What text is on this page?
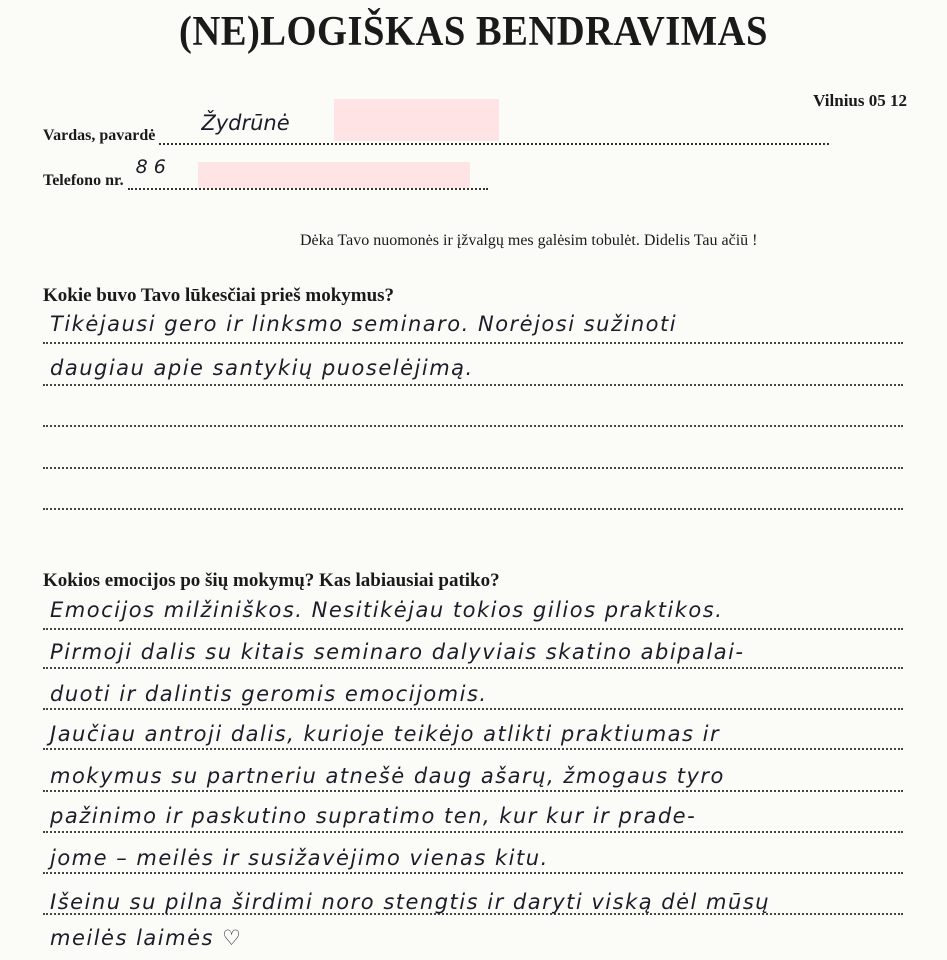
(NE)LOGIŠKAS BENDRAVIMAS
Vilnius 05 12
Vardas, pavardė
Žydrūnė
Telefono nr.
8 6
Dėka Tavo nuomonės ir įžvalgų mes galėsim tobulėt. Didelis Tau ačiū !
Kokie buvo Tavo lūkesčiai prieš mokymus?
Tikėjausi gero ir linksmo seminaro. Norėjosi sužinoti
daugiau apie santykių puoselėjimą.
Kokios emocijos po šių mokymų? Kas labiausiai patiko?
Emocijos milžiniškos. Nesitikėjau tokios gilios praktikos.
Pirmoji dalis su kitais seminaro dalyviais skatino abipalai-
duoti ir dalintis geromis emocijomis.
Jaučiau antroji dalis, kurioje teikėjo atlikti praktiumas ir
mokymus su partneriu atnešė daug ašarų, žmogaus tyro
pažinimo ir paskutino supratimo ten, kur kur ir prade-
jome – meilės ir susižavėjimo vienas kitu.
Išeinu su pilna širdimi noro stengtis ir daryti viską dėl mūsų
meilės laimės ♡
